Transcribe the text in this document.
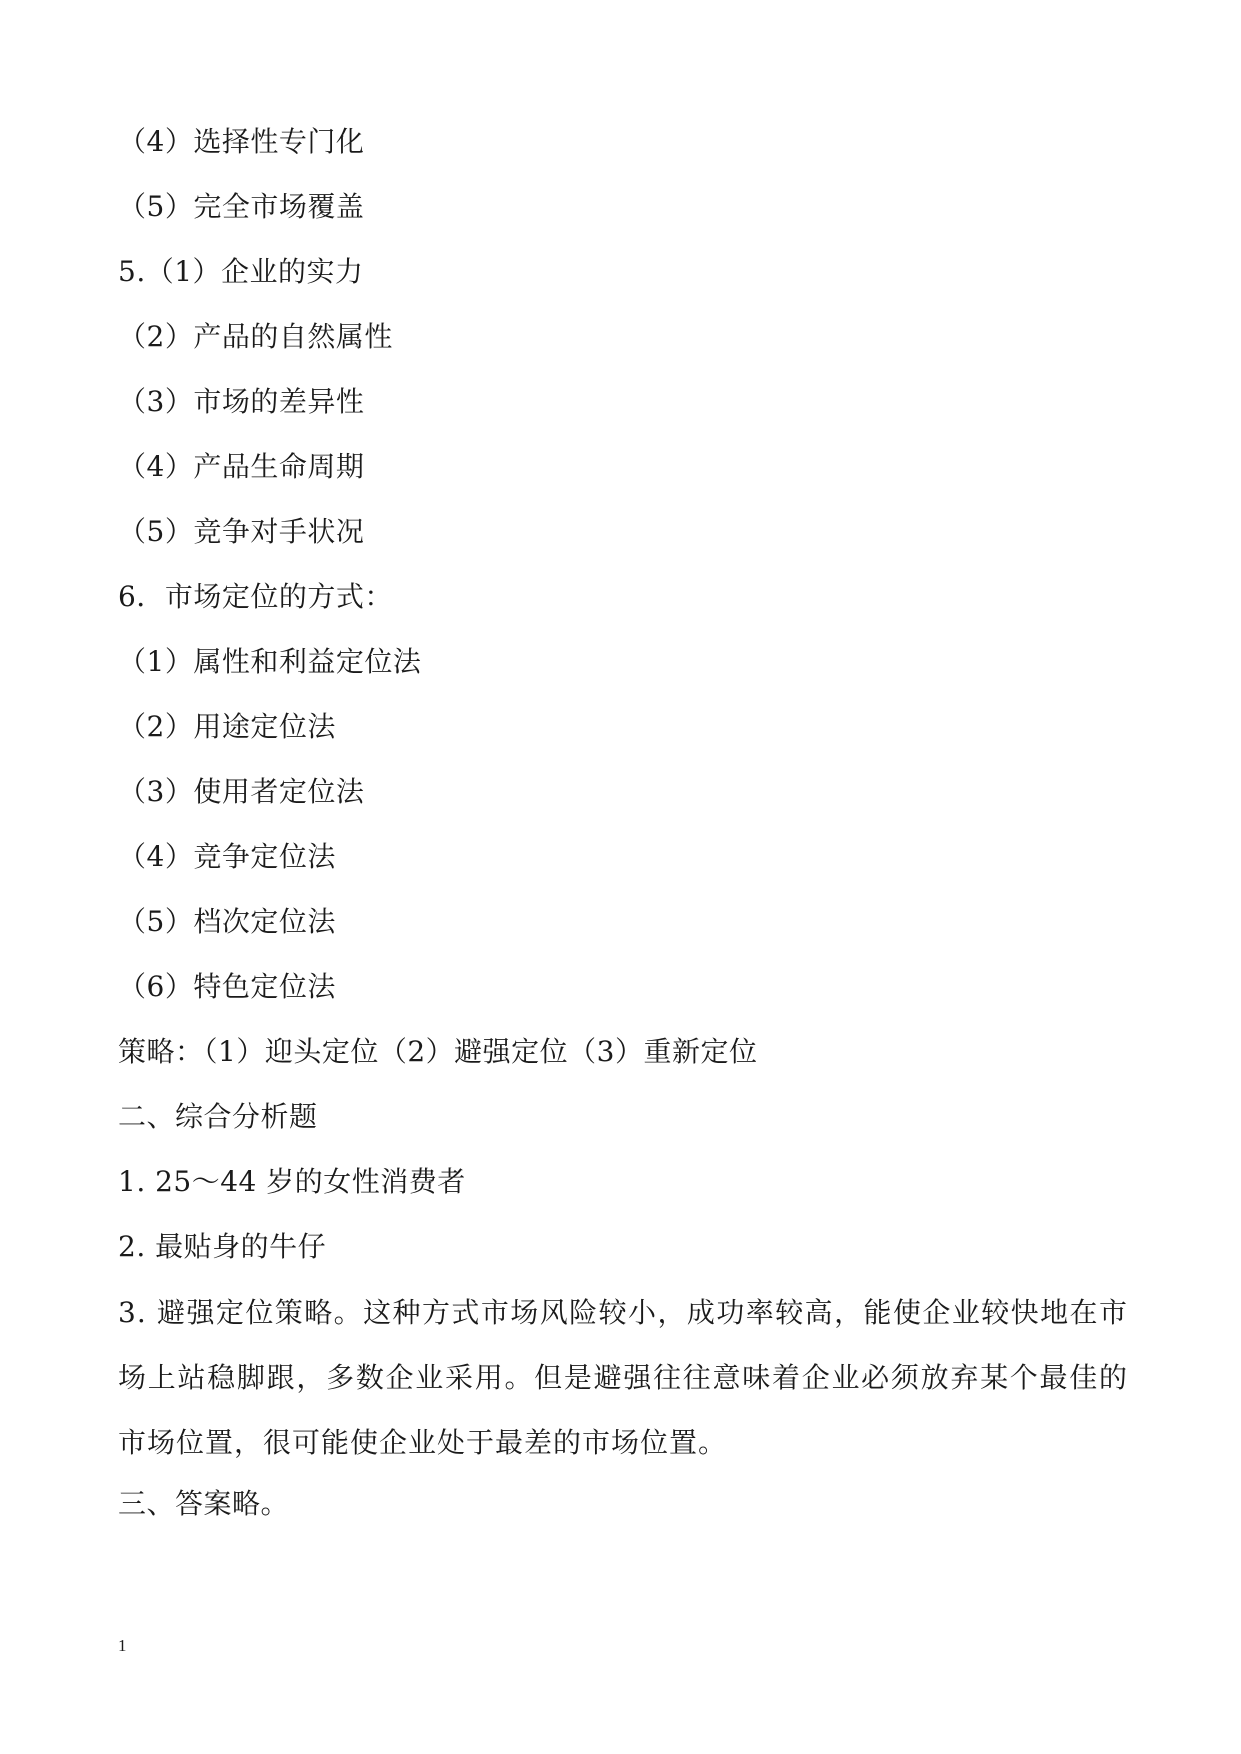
（4）选择性专门化
（5）完全市场覆盖
5.（1）企业的实力
（2）产品的自然属性
（3）市场的差异性
（4）产品生命周期
（5）竞争对手状况
6．市场定位的方式：
（1）属性和利益定位法
（2）用途定位法
（3）使用者定位法
（4）竞争定位法
（5）档次定位法
（6）特色定位法
策略：（1）迎头定位（2）避强定位（3）重新定位
二、综合分析题
1. 25～44 岁的女性消费者
2. 最贴身的牛仔
3. 避强定位策略。这种方式市场风险较小，成功率较高，能使企业较快地在市场上站稳脚跟，多数企业采用。但是避强往往意味着企业必须放弃某个最佳的市场位置，很可能使企业处于最差的市场位置。
三、答案略。
1
